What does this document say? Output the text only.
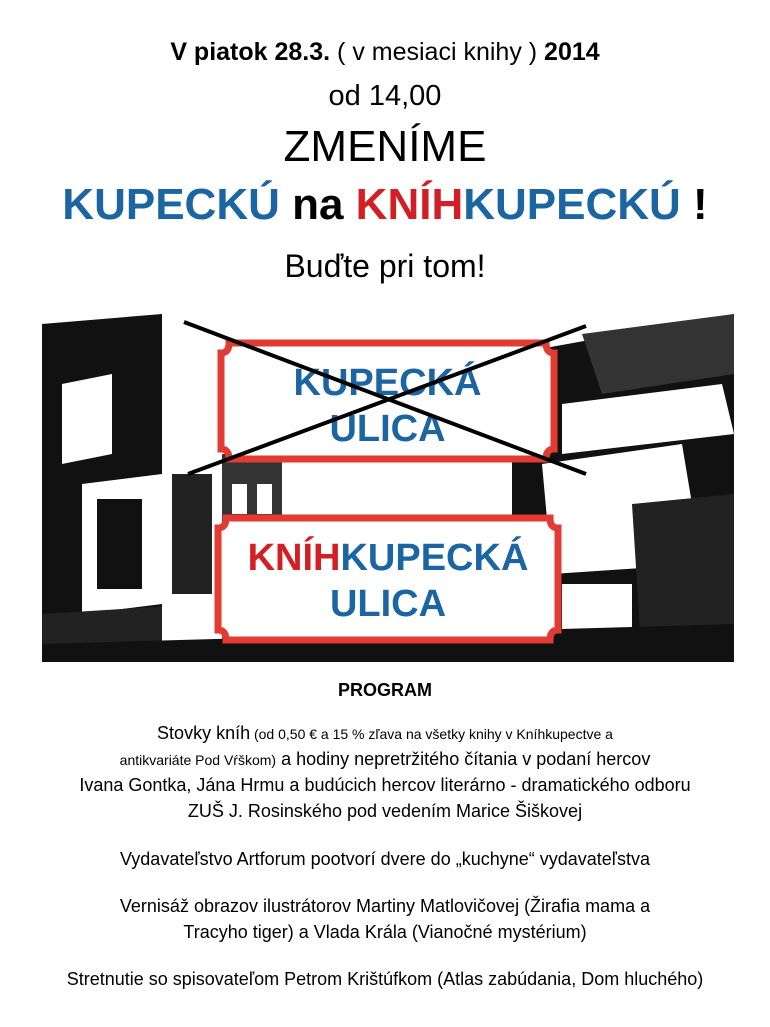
V piatok 28.3. ( v mesiaci knihy ) 2014
od 14,00
ZMENÍME
KUPECKÚ na KNÍHKUPECKÚ !
Buďte pri tom!
KUPECKÁ
ULICA
KNÍHKUPECKÁ
ULICA
PROGRAM
Stovky kníh (od 0,50 € a 15 % zľava na všetky knihy v Kníhkupectve a
antikvariáte Pod Vŕškom) a hodiny nepretržitého čítania v podaní hercov
Ivana Gontka, Jána Hrmu a budúcich hercov literárno - dramatického odboru
ZUŠ J. Rosinského pod vedením Marice Šiškovej
Vydavateľstvo Artforum pootvorí dvere do „kuchyne“ vydavateľstva
Vernisáž obrazov ilustrátorov Martiny Matlovičovej (Žirafia mama a
Tracyho tiger) a Vlada Krála (Vianočné mystérium)
Stretnutie so spisovateľom Petrom Krištúfkom (Atlas zabúdania, Dom hluchého)
